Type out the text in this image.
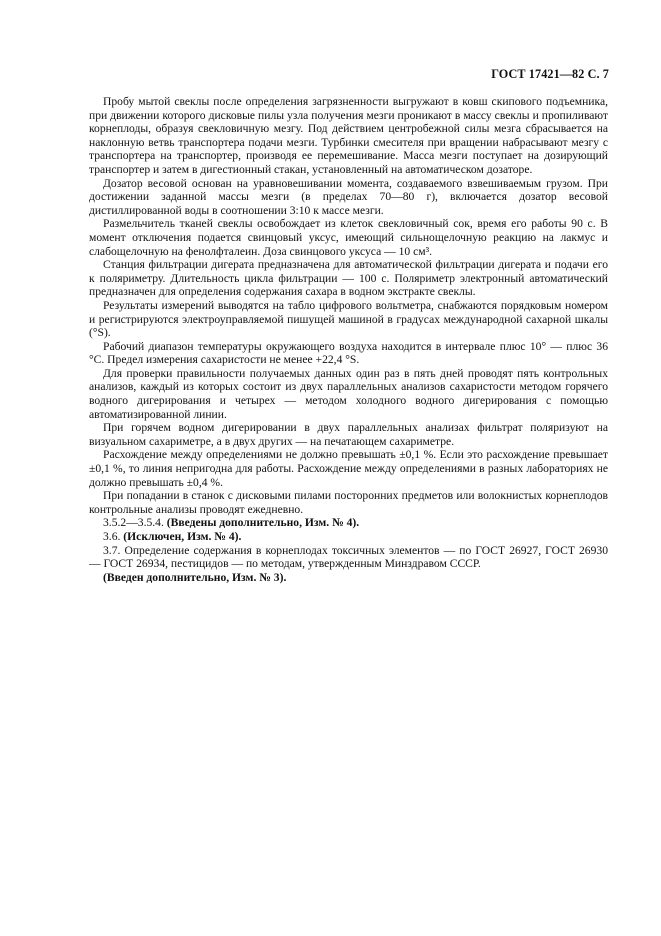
ГОСТ 17421—82 С. 7

Пробу мытой свеклы после определения загрязненности выгружают в ковш скипового подъемника, при движении которого дисковые пилы узла получения мезги проникают в массу свеклы и пропиливают корнеплоды, образуя свекловичную мезгу. Под действием центробежной силы мезга сбрасывается на наклонную ветвь транспортера подачи мезги. Турбинки смесителя при вращении набрасывают мезгу с транспортера на транспортер, производя ее перемешивание. Масса мезги поступает на дозирующий транспортер и затем в дигестионный стакан, установленный на автоматическом дозаторе.

Дозатор весовой основан на уравновешивании момента, создаваемого взвешиваемым грузом. При достижении заданной массы мезги (в пределах 70—80 г), включается дозатор весовой дистиллированной воды в соотношении 3:10 к массе мезги.

Размельчитель тканей свеклы освобождает из клеток свекловичный сок, время его работы 90 с. В момент отключения подается свинцовый уксус, имеющий сильнощелочную реакцию на лакмус и слабощелочную на фенолфталеин. Доза свинцового уксуса — 10 см³.

Станция фильтрации дигерата предназначена для автоматической фильтрации дигерата и подачи его к поляриметру. Длительность цикла фильтрации — 100 с. Поляриметр электронный автоматический предназначен для определения содержания сахара в водном экстракте свеклы.

Результаты измерений выводятся на табло цифрового вольтметра, снабжаются порядковым номером и регистрируются электроуправляемой пишущей машиной в градусах международной сахарной шкалы (°S).

Рабочий диапазон температуры окружающего воздуха находится в интервале плюс 10° — плюс 36 °С. Предел измерения сахаристости не менее +22,4 °S.

Для проверки правильности получаемых данных один раз в пять дней проводят пять контрольных анализов, каждый из которых состоит из двух параллельных анализов сахаристости методом горячего водного дигерирования и четырех — методом холодного водного дигерирования с помощью автоматизированной линии.

При горячем водном дигерировании в двух параллельных анализах фильтрат поляризуют на визуальном сахариметре, а в двух других — на печатающем сахариметре.

Расхождение между определениями не должно превышать ±0,1 %. Если это расхождение превышает ±0,1 %, то линия непригодна для работы. Расхождение между определениями в разных лабораториях не должно превышать ±0,4 %.

При попадании в станок с дисковыми пилами посторонних предметов или волокнистых корнеплодов контрольные анализы проводят ежедневно.

3.5.2—3.5.4. (Введены дополнительно, Изм. № 4).

3.6. (Исключен, Изм. № 4).

3.7. Определение содержания в корнеплодах токсичных элементов — по ГОСТ 26927, ГОСТ 26930 — ГОСТ 26934, пестицидов — по методам, утвержденным Минздравом СССР.

(Введен дополнительно, Изм. № 3).
